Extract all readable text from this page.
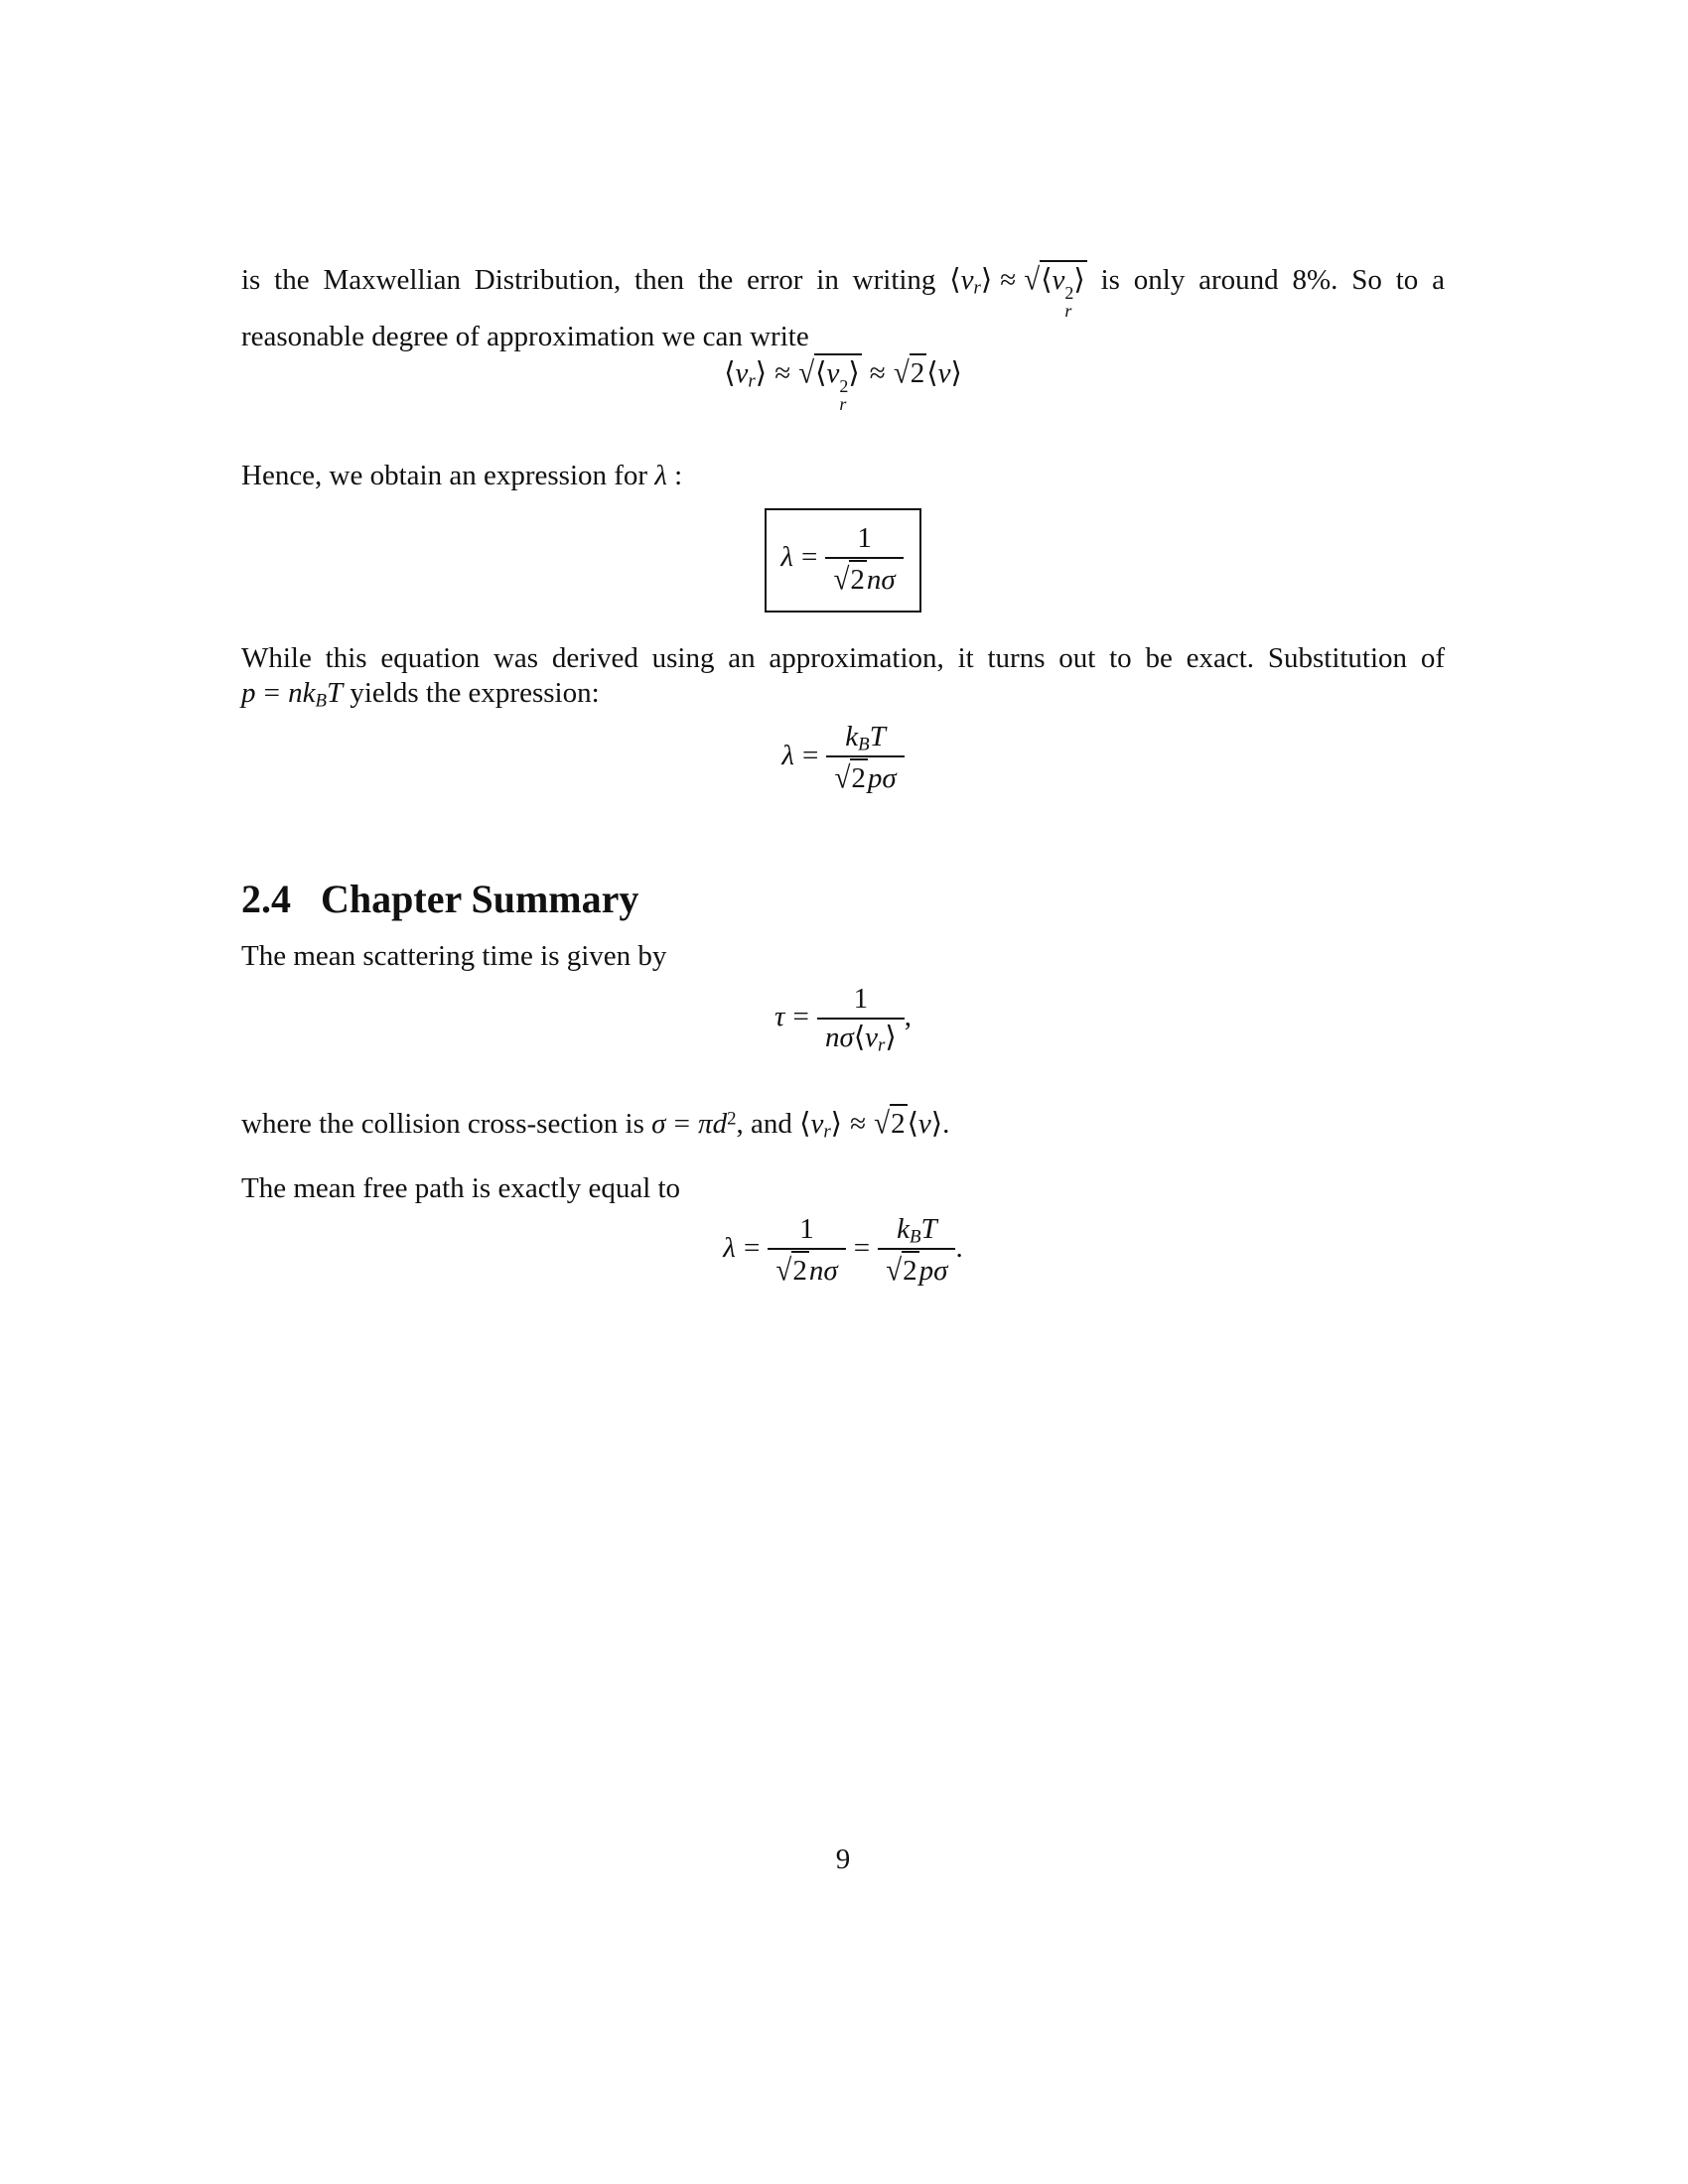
is the Maxwellian Distribution, then the error in writing $⟨v_r⟩$ ≈ √⟨v 2
r
⟩ is only around 8%. So to a
reasonable degree of approximation we can write
$⟨v_r⟩$ ≈ √⟨v 2
r
⟩ ≈ √2⟨v⟩
Hence, we obtain an expression for λ :
$\lambda = \frac{1}{√2n\sigma}$
While this equation was derived using an approximation, it turns out to be exact. Substitution of
$p = nk_BT$ yields the expression:
$\lambda = \frac{k_BT}{√2p\sigma}$
2.4 Chapter Summary
The mean scattering time is given by
$\tau = \frac{1}{n\sigma⟨v_r⟩}$ ,
where the collision cross-section is $\sigma = \pi d^2$, and $⟨v_r⟩$ ≈ √2⟨v⟩.
The mean free path is exactly equal to
$\lambda = \frac{1}{√2n\sigma} = \frac{k_BT}{√2p\sigma}$ .
9
